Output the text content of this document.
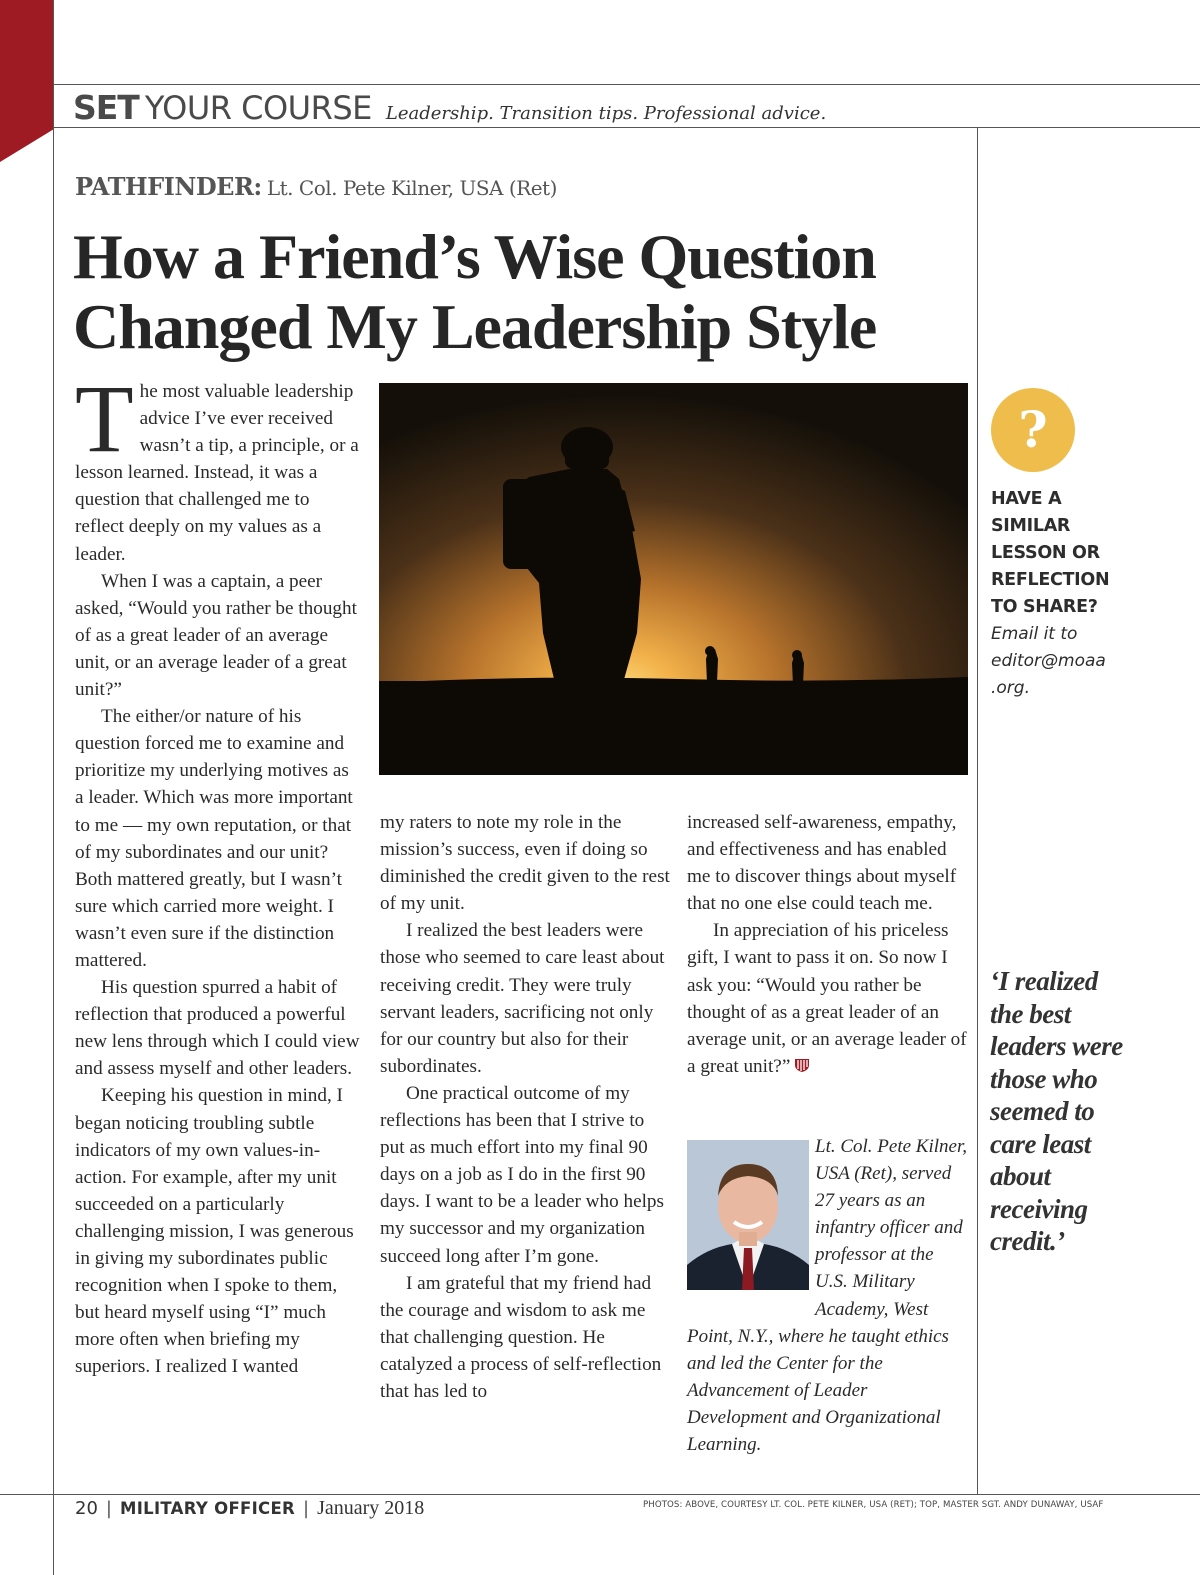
SET YOUR COURSE Leadership. Transition tips. Professional advice.
PATHFINDER: Lt. Col. Pete Kilner, USA (Ret)
How a Friend’s Wise Question
Changed My Leadership Style

The most valuable leadership advice I’ve ever received wasn’t a tip, a principle, or a lesson learned. Instead, it was a question that challenged me to reflect deeply on my values as a leader.

When I was a captain, a peer asked, “Would you rather be thought of as a great leader of an average unit, or an average leader of a great unit?”

The either/or nature of his question forced me to examine and prioritize my underlying motives as a leader. Which was more important to me — my own reputation, or that of my subordinates and our unit? Both mattered greatly, but I wasn’t sure which carried more weight. I wasn’t even sure if the distinction mattered.

His question spurred a habit of reflection that produced a powerful new lens through which I could view and assess myself and other leaders.

Keeping his question in mind, I began noticing troubling subtle indicators of my own values-in-action. For example, after my unit succeeded on a particularly challenging mission, I was generous in giving my subordinates public recognition when I spoke to them, but heard myself using “I” much more often when briefing my superiors. I realized I wanted

my raters to note my role in the mission’s success, even if doing so diminished the credit given to the rest of my unit.

I realized the best leaders were those who seemed to care least about receiving credit. They were truly servant leaders, sacrificing not only for our country but also for their subordinates.

One practical outcome of my reflections has been that I strive to put as much effort into my final 90 days on a job as I do in the first 90 days. I want to be a leader who helps my successor and my organization succeed long after I’m gone.

I am grateful that my friend had the courage and wisdom to ask me that challenging question. He catalyzed a process of self-reflection that has led to

increased self-awareness, empathy, and effectiveness and has enabled me to discover things about myself that no one else could teach me.

In appreciation of his priceless gift, I want to pass it on. So now I ask you: “Would you rather be thought of as a great leader of an average unit, or an average leader of a great unit?”

Lt. Col. Pete Kilner, USA (Ret), served 27 years as an infantry officer and professor at the U.S. Military Academy, West Point, N.Y., where he taught ethics and led the Center for the Advancement of Leader Development and Organizational Learning.
?
HAVE A SIMILAR LESSON OR REFLECTION TO SHARE?
Email it to editor@moaa .org.
‘I realized the best leaders were those who seemed to care least about receiving credit.’
20 | MILITARY OFFICER | January 2018	PHOTOS: ABOVE, COURTESY LT. COL. PETE KILNER, USA (RET); TOP, MASTER SGT. ANDY DUNAWAY, USAF
